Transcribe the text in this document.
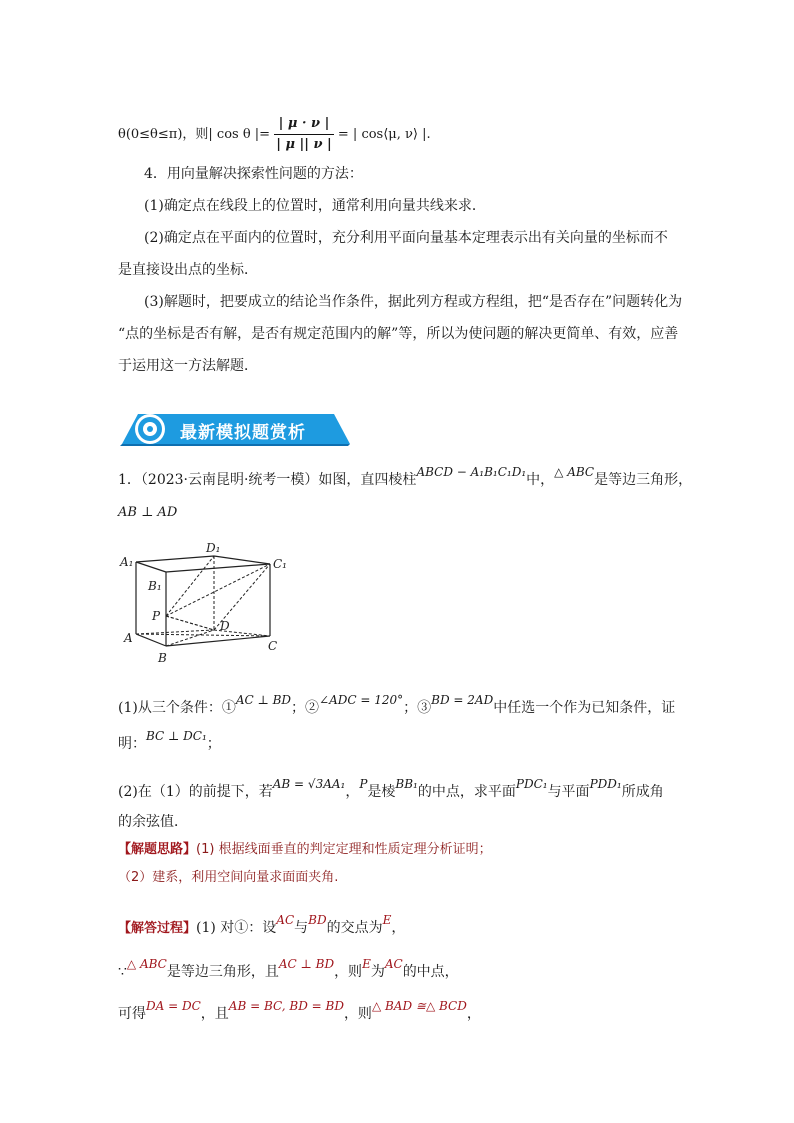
θ(0≤θ≤π)，则| cos θ |= $\frac{| \mu \cdot \nu |}{| \mu || \nu |}$ = | cos⟨μ, ν⟩ |.
4．用向量解决探索性问题的方法：
(1)确定点在线段上的位置时，通常利用向量共线来求．
(2)确定点在平面内的位置时，充分利用平面向量基本定理表示出有关向量的坐标而不
是直接设出点的坐标．
(3)解题时，把要成立的结论当作条件，据此列方程或方程组，把“是否存在”问题转化为
“点的坐标是否有解，是否有规定范围内的解”等，所以为使问题的解决更简单、有效，应善
于运用这一方法解题．
最新模拟题赏析
1．（2023·云南昆明·统考一模）如图，直四棱柱ABCD − A₁B₁C₁D₁中，△ ABC是等边三角形，
AB ⊥ AD
A₁
B₁
D₁
C₁
P
D
A
B
C
(1)从三个条件：①AC ⊥ BD；②∠ADC = 120°；③BD = 2AD中任选一个作为已知条件，证
明：BC ⊥ DC₁；
(2)在（1）的前提下，若AB = √3AA₁，P是棱BB₁的中点，求平面PDC₁与平面PDD₁所成角
的余弦值．
【解题思路】(1) 根据线面垂直的判定定理和性质定理分析证明；
（2）建系，利用空间向量求面面夹角.
【解答过程】(1) 对①：设AC与BD的交点为E，
∵△ ABC是等边三角形，且AC ⊥ BD，则E为AC的中点，
可得DA = DC，且AB = BC, BD = BD，则△ BAD ≅△ BCD，
